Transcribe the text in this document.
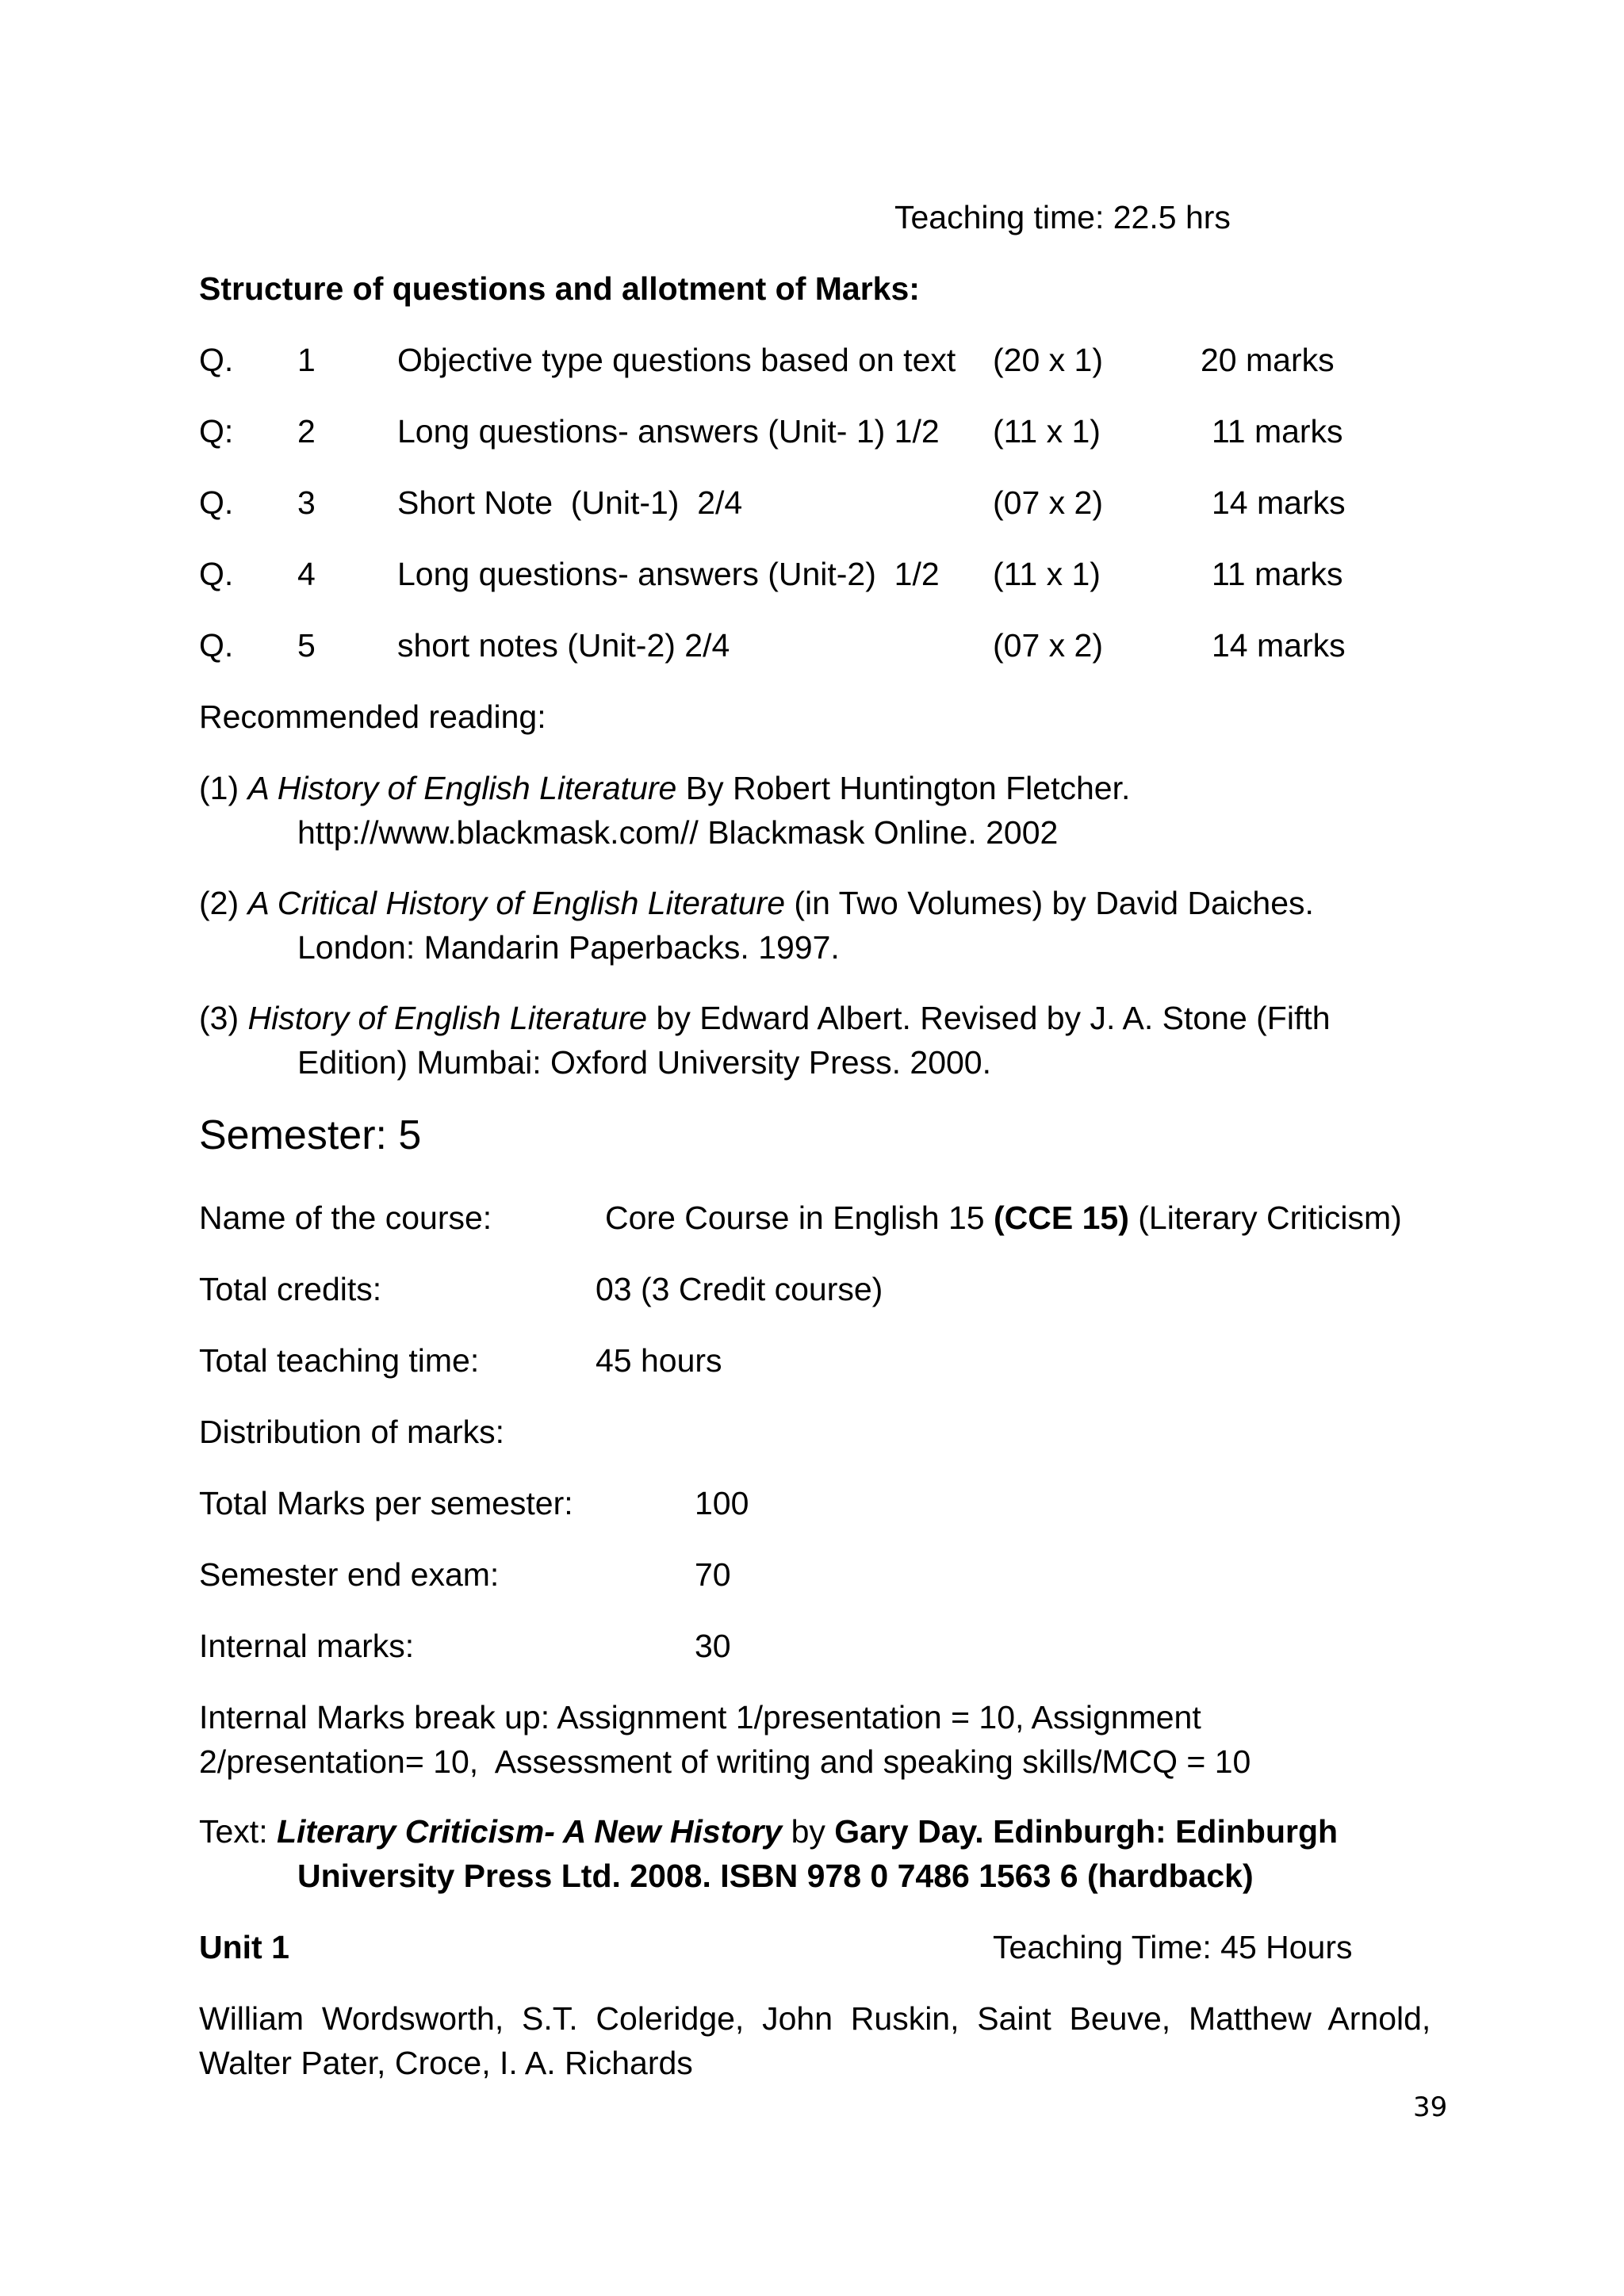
Teaching time: 22.5 hrs
Structure of questions and allotment of Marks:
Q. 1	Objective type questions based on text (20 x 1)	20 marks
Q: 2	Long questions- answers (Unit- 1) 1/2 (11 x 1)	11 marks
Q. 3	Short Note  (Unit-1)  2/4	(07 x 2)	14 marks
Q. 4	Long questions- answers (Unit-2)  1/2 (11 x 1)	11 marks
Q. 5	short notes (Unit-2) 2/4	(07 x 2)	14 marks
Recommended reading:
(1) A History of English Literature By Robert Huntington Fletcher.
http://www.blackmask.com// Blackmask Online. 2002
(2) A Critical History of English Literature (in Two Volumes) by David Daiches.
London: Mandarin Paperbacks. 1997.
(3) History of English Literature by Edward Albert. Revised by J. A. Stone (Fifth
Edition) Mumbai: Oxford University Press. 2000.
Semester: 5
Name of the course:	Core Course in English 15 (CCE 15) (Literary Criticism)
Total credits:	03 (3 Credit course)
Total teaching time:	45 hours
Distribution of marks:
Total Marks per semester:	100
Semester end exam:	70
Internal marks:	30
Internal Marks break up: Assignment 1/presentation = 10, Assignment
2/presentation= 10,  Assessment of writing and speaking skills/MCQ = 10
Text: Literary Criticism- A New History by Gary Day. Edinburgh: Edinburgh
University Press Ltd. 2008. ISBN 978 0 7486 1563 6 (hardback)
Unit 1	Teaching Time: 45 Hours
William  Wordsworth,  S.T.  Coleridge,  John  Ruskin,  Saint  Beuve,  Matthew  Arnold,
Walter Pater, Croce, I. A. Richards
39
